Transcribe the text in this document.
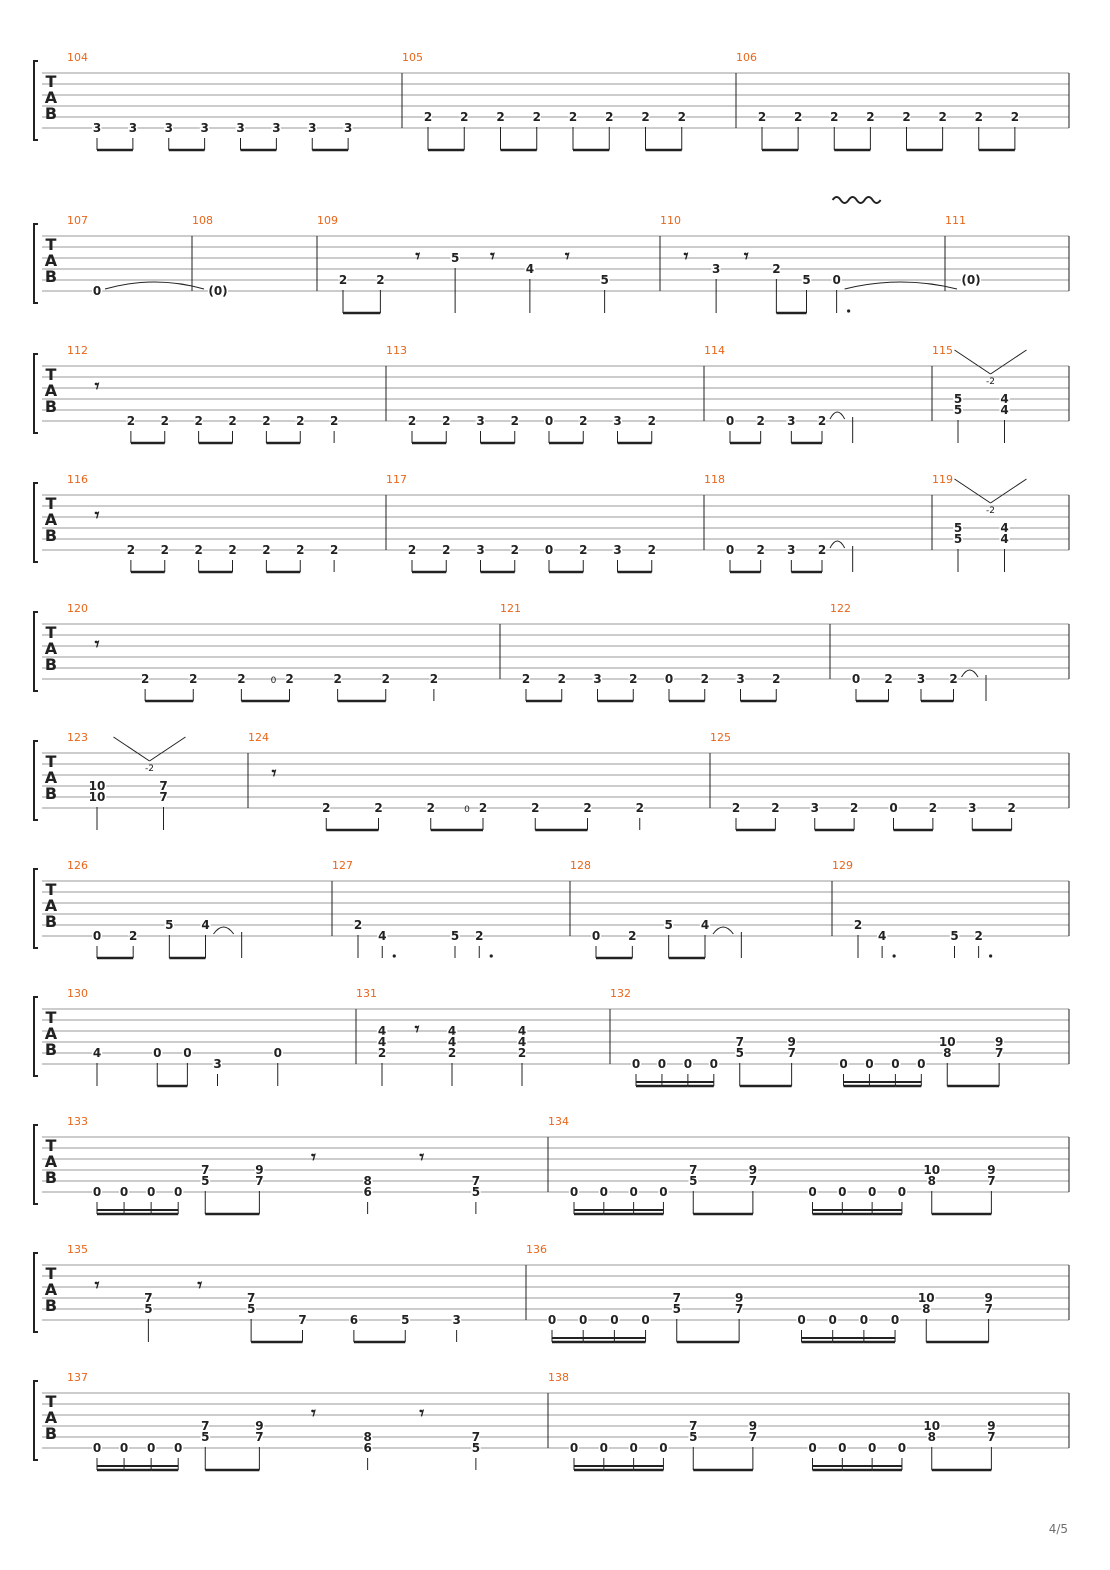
T
A
B
104
3 3 3 3 3 3 3 3
105
2 2 2 2 2 2 2 2
106
2 2 2 2 2 2 2 2
T
A
B
107
0
108
(0)
109
2 2
𝄾	5 𝄾
4
𝄾
5
110
𝄾
3
𝄾
2
5 0
111
(0)
T
A
B
112
𝄾
2 2 2 2 2 2 2
113
2 2 3 2 0 2 3 2
114
0 2 3 2
115
5
5
-2
4
4
T
A
B
116
𝄾
2 2 2 2 2 2 2
117
2 2 3 2 0 2 3 2
118
0 2 3 2
119
5
5
-2
4
4
T
A
B
120
𝄾
2	2	2	0 2	2	2	2
121
2 2 3 2 0 2 3 2
122
0 2 3 2
T
A
B
123
10
10
-2
7
7
124
𝄾
2	2	2	0 2	2	2	2
125
2	2	3	2	0	2	3	2
T
A
B
126
0 2
5 4
127
2
4	5 2
128
0 2
5 4
129
2
4	5 2
T
A
B
130
4	0 0
3
0
131
4
4
2
𝄾 4
4
2
4
4
2
132
0 0 0 0
7
5
9
7
0 0 0 0
10
8
9
7
T
A
B
133
0 0 0 0
7
5
9
7
𝄾
8
6
𝄾
7
5
134
0 0 0 0
7
5
9
7
0 0 0 0
10
8
9
7
T
A
B
135
𝄾
7
5
𝄾
7
5
7	6	5	3
136
0 0 0 0
7
5
9
7
0 0 0 0
10
8
9
7
T
A
B
137
0 0 0 0
7
5
9
7
𝄾
8
6
𝄾
7
5
138
0 0 0 0
7
5
9
7
0 0 0 0
10
8
9
7
4/5
